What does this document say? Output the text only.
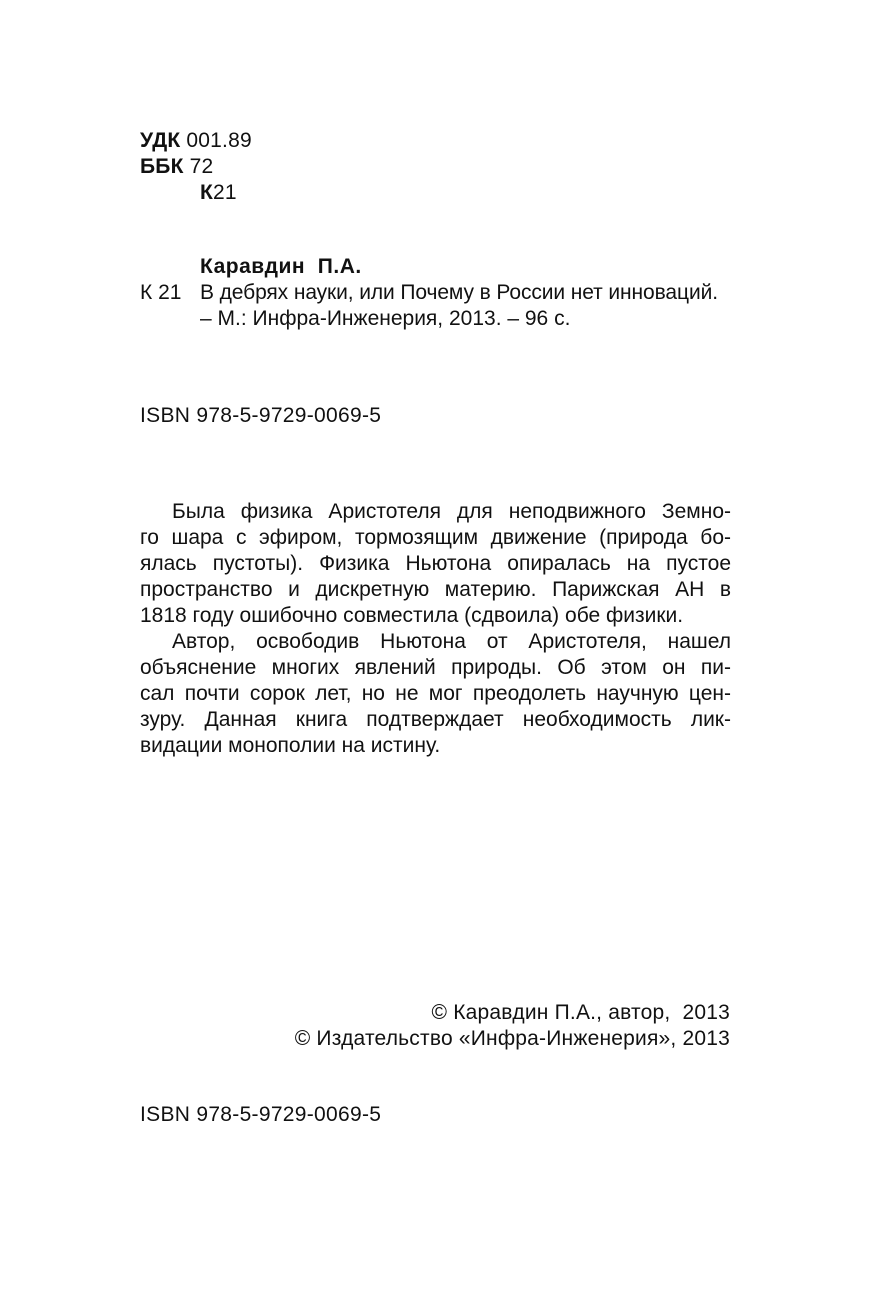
УДК 001.89
ББК 72
К21
Каравдин  П.А.
К 21 В дебрях науки, или Почему в России нет инноваций.
– М.: Инфра-Инженерия, 2013. – 96 с.
ISBN 978-5-9729-0069-5
Была физика Аристотеля для неподвижного Земно-
го шара с эфиром, тормозящим движение (природа бо-
ялась пустоты). Физика Ньютона опиралась на пустое
пространство и дискретную материю. Парижская АН в
1818 году ошибочно совместила (сдвоила) обе физики.
Автор, освободив Ньютона от Аристотеля, нашел
объяснение многих явлений природы. Об этом он пи-
сал почти сорок лет, но не мог преодолеть научную цен-
зуру. Данная книга подтверждает необходимость лик-
видации монополии на истину.
© Каравдин П.А., автор,  2013
© Издательство «Инфра-Инженерия», 2013
ISBN 978-5-9729-0069-5
